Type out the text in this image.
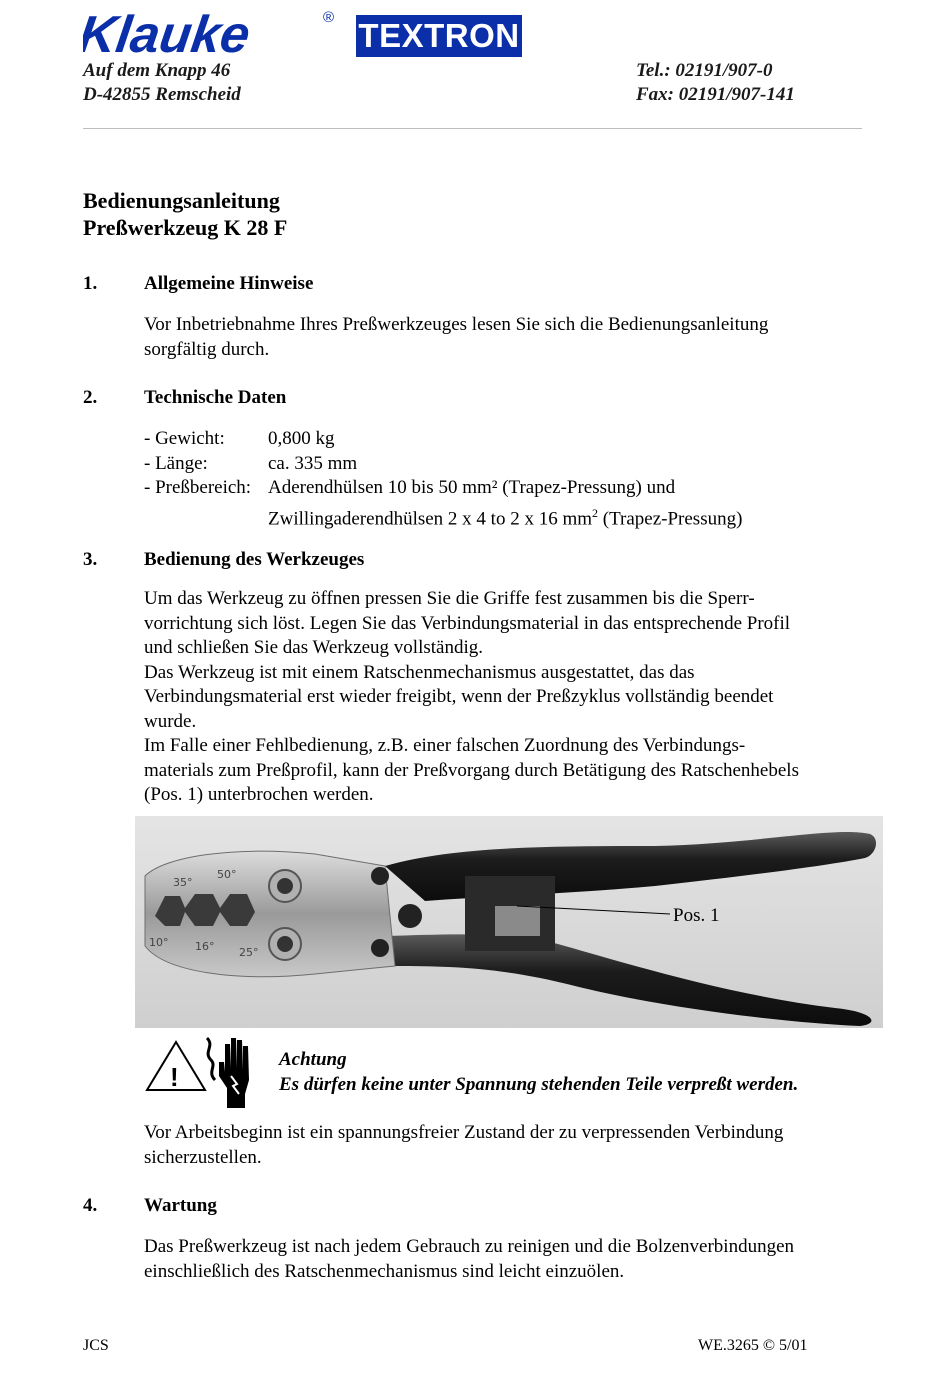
Klauke	® TEXTRON
Auf dem Knapp 46
D-42855 Remscheid
Tel.: 02191/907-0
Fax: 02191/907-141
Bedienungsanleitung
Preßwerkzeug K 28 F
1. Allgemeine Hinweise

Vor Inbetriebnahme Ihres Preßwerkzeuges lesen Sie sich die Bedienungsanleitung

sorgfältig durch.

2. Technische Daten
- Gewicht:	0,800 kg
- Länge:	ca. 335 mm
- Preßbereich: Aderendhülsen 10 bis 50 mm² (Trapez-Pressung) und
Zwillingaderendhülsen 2 x 4 to 2 x 16 $mm^2$ (Trapez-Pressung)
3. Bedienung des Werkzeuges

Um das Werkzeug zu öffnen pressen Sie die Griffe fest zusammen bis die Sperr-

vorrichtung sich löst. Legen Sie das Verbindungsmaterial in das entsprechende Profil

und schließen Sie das Werkzeug vollständig.

Das Werkzeug ist mit einem Ratschenmechanismus ausgestattet, das das

Verbindungsmaterial erst wieder freigibt, wenn der Preßzyklus vollständig beendet

wurde.

Im Falle einer Fehlbedienung, z.B. einer falschen Zuordnung des Verbindungs-

materials zum Preßprofil, kann der Preßvorgang durch Betätigung des Ratschenhebels

(Pos. 1) unterbrochen werden.

35°
50°
10° 16° 25°
Pos. 1
!
Achtung
Es dürfen keine unter Spannung stehenden Teile verpreßt werden.

Vor Arbeitsbeginn ist ein spannungsfreier Zustand der zu verpressenden Verbindung

sicherzustellen.

4. Wartung

Das Preßwerkzeug ist nach jedem Gebrauch zu reinigen und die Bolzenverbindungen

einschließlich des Ratschenmechanismus sind leicht einzuölen.

JCS	WE.3265 © 5/01
